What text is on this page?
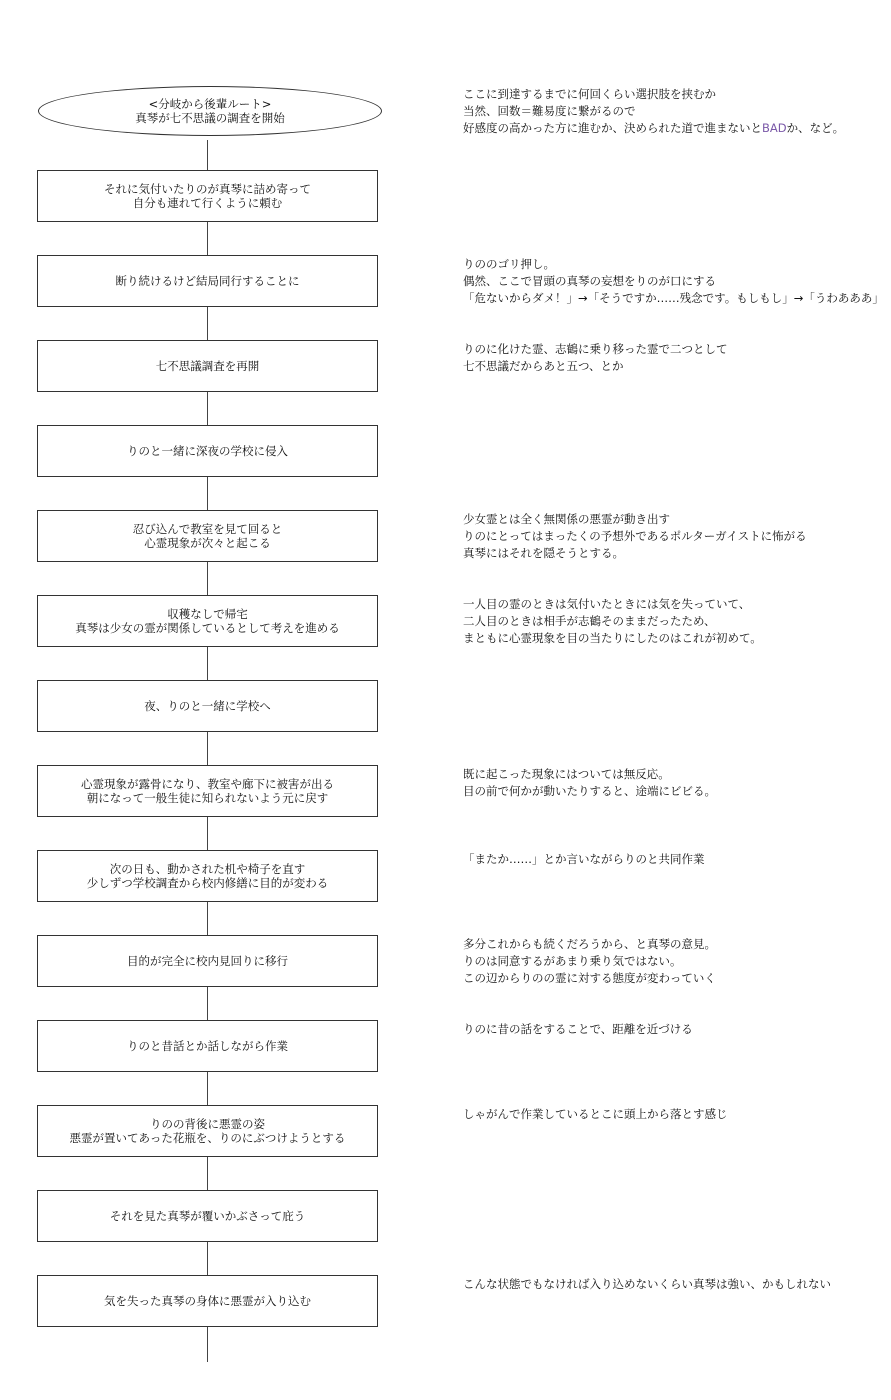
<分岐から後輩ルート>
真琴が七不思議の調査を開始
それに気付いたりのが真琴に詰め寄って
自分も連れて行くように頼む
断り続けるけど結局同行することに
七不思議調査を再開
りのと一緒に深夜の学校に侵入
忍び込んで教室を見て回ると
心霊現象が次々と起こる
収穫なしで帰宅
真琴は少女の霊が関係しているとして考えを進める
夜、りのと一緒に学校へ
心霊現象が露骨になり、教室や廊下に被害が出る
朝になって一般生徒に知られないよう元に戻す
次の日も、動かされた机や椅子を直す
少しずつ学校調査から校内修繕に目的が変わる
目的が完全に校内見回りに移行
りのと昔話とか話しながら作業
りのの背後に悪霊の姿
悪霊が置いてあった花瓶を、りのにぶつけようとする
それを見た真琴が覆いかぶさって庇う
気を失った真琴の身体に悪霊が入り込む
ここに到達するまでに何回くらい選択肢を挟むか
当然、回数＝難易度に繋がるので
好感度の高かった方に進むか、決められた道で進まないとBADか、など。
りののゴリ押し。
偶然、ここで冒頭の真琴の妄想をりのが口にする
「危ないからダメ！」→「そうですか……残念です。もしもし」→「うわあああ」
りのに化けた霊、志鶴に乗り移った霊で二つとして
七不思議だからあと五つ、とか
少女霊とは全く無関係の悪霊が動き出す
りのにとってはまったくの予想外であるポルターガイストに怖がる
真琴にはそれを隠そうとする。
一人目の霊のときは気付いたときには気を失っていて、
二人目のときは相手が志鶴そのままだったため、
まともに心霊現象を目の当たりにしたのはこれが初めて。
既に起こった現象にはついては無反応。
目の前で何かが動いたりすると、途端にビビる。
「またか……」とか言いながらりのと共同作業
多分これからも続くだろうから、と真琴の意見。
りのは同意するがあまり乗り気ではない。
この辺からりのの霊に対する態度が変わっていく
りのに昔の話をすることで、距離を近づける
しゃがんで作業しているとこに頭上から落とす感じ
こんな状態でもなければ入り込めないくらい真琴は強い、かもしれない
